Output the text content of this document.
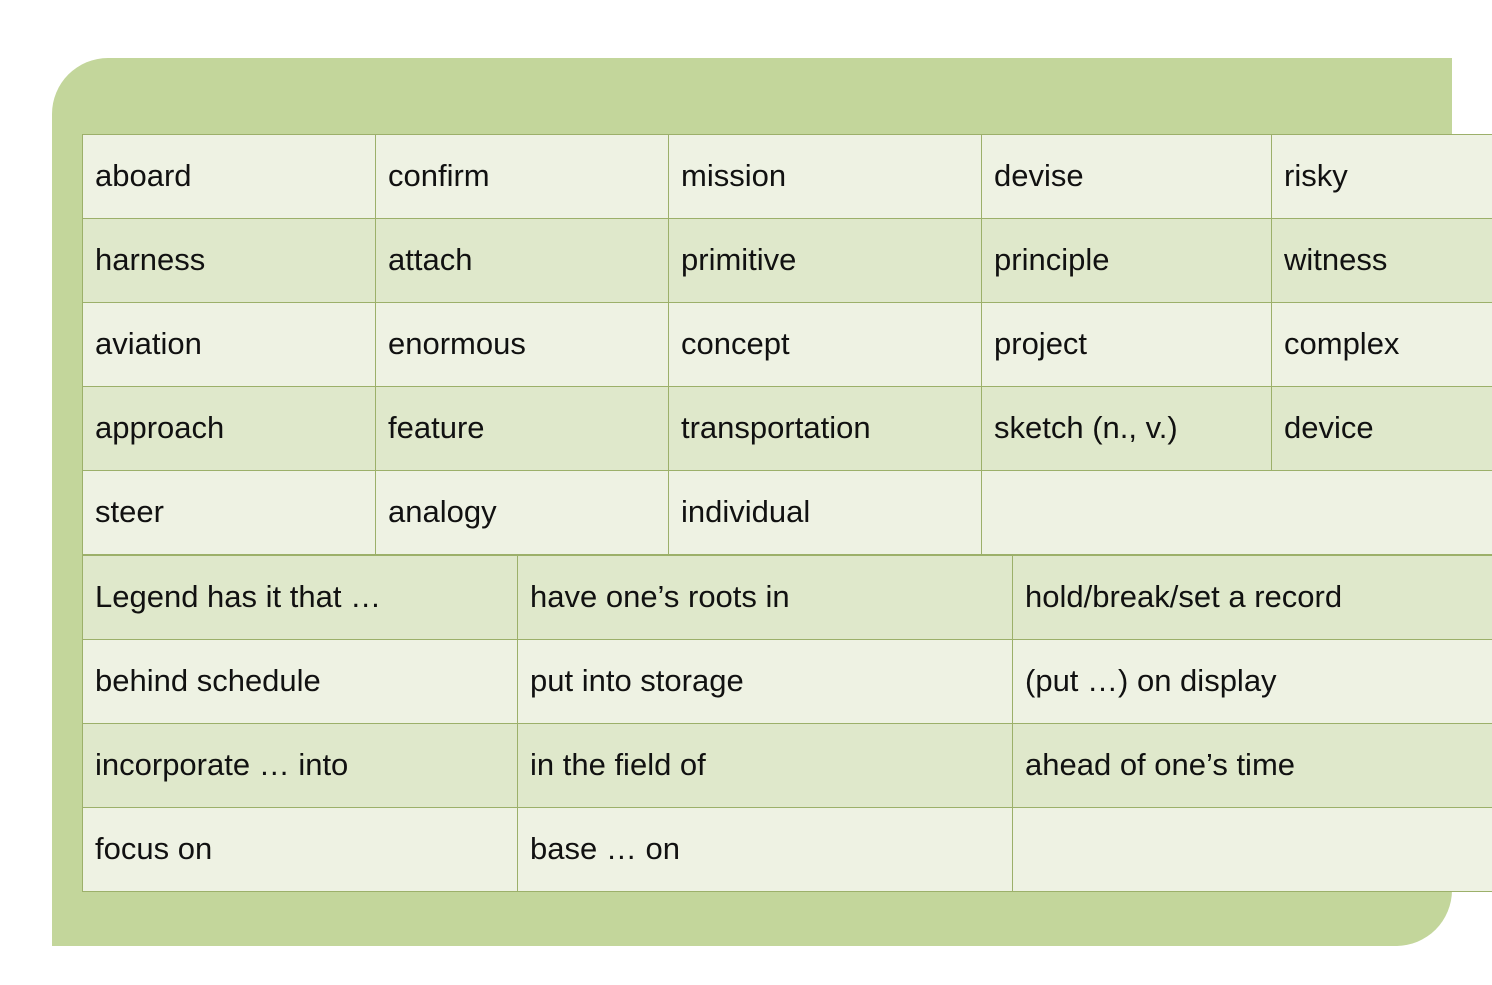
aboard	confirm	mission	devise	risky
harness	attach	primitive	principle	witness
aviation	enormous	concept	project	complex
approach	feature	transportation	sketch (n., v.)	device
steer	analogy	individual		
Legend has it that …	have one’s roots in	hold/break/set a record
behind schedule	put into storage	(put …) on display
incorporate … into	in the field of	ahead of one’s time
focus on	base … on	
